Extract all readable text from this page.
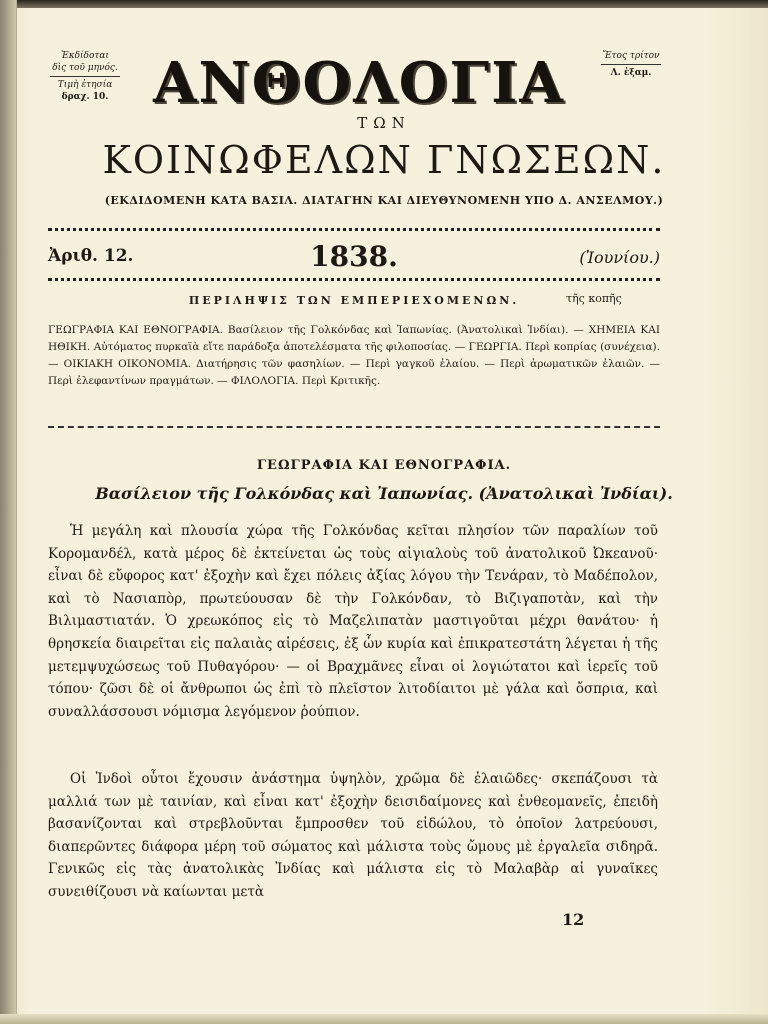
Ἐκδίδοται
δὶς τοῦ μηνός.
Τιμὴ ἐτησία
δραχ. 10.
Ἔτος τρίτον
Λ. ἐξαμ.
ΑΝΘΟΛΟΓΙΑ
ΤΩΝ
ΚΟΙΝΩΦΕΛΩΝ ΓΝΩΣΕΩΝ.
(ΕΚΔΙΔΟΜΕΝΗ ΚΑΤΑ ΒΑΣΙΛ. ΔΙΑΤΑΓΗΝ ΚΑΙ ΔΙΕΥΘΥΝΟΜΕΝΗ ΥΠΟ Δ. ΑΝΣΕΛΜΟΥ.)
Ἀριθ. 12.	1838.	(Ἰουνίου.)
ΠΕΡΙΛΗΨΙΣ ΤΩΝ ΕΜΠΕΡΙΕΧΟΜΕΝΩΝ.	τῆς κοπῆς
ΓΕΩΓΡΑΦΙΑ ΚΑΙ ΕΘΝΟΓΡΑΦΙΑ. Βασίλειον τῆς Γολκόνδας καὶ Ἰαπωνίας. (Ἀνατολικαὶ Ἰνδίαι). — ΧΗΜΕΙΑ ΚΑΙ ΗΘΙΚΗ. Αὐτόματος πυρκαϊὰ εἴτε παράδοξα ἀποτελέσματα τῆς φιλοποσίας. — ΓΕΩΡΓΙΑ. Περὶ κοπρίας (συνέχεια). — ΟΙΚΙΑΚΗ ΟΙΚΟΝΟΜΙΑ. Διατήρησις τῶν φασηλίων. — Περὶ γαγκοῦ ἐλαίου. — Περὶ ἀρωματικῶν ἐλαιῶν. — Περὶ ἐλεφαντίνων πραγμάτων. — ΦΙΛΟΛΟΓΙΑ. Περὶ Κριτικῆς.
ΓΕΩΓΡΑΦΙΑ ΚΑΙ ΕΘΝΟΓΡΑΦΙΑ.
Βασίλειον τῆς Γολκόνδας καὶ Ἰαπωνίας. (Ἀνατολικαὶ Ἰνδίαι).
Ἡ μεγάλη καὶ πλουσία χώρα τῆς Γολκόνδας κεῖται πλησίον τῶν παραλίων τοῦ Κορομανδέλ, κατὰ μέρος δὲ ἐκτείνεται ὡς τοὺς αἰγιαλοὺς τοῦ ἀνατολικοῦ Ὠκεανοῦ· εἶναι δὲ εὔφορος κατ' ἐξοχὴν καὶ ἔχει πόλεις ἀξίας λόγου τὴν Τενάραν, τὸ Μαδέπολον, καὶ τὸ Νασιαπὸρ, πρωτεύουσαν δὲ τὴν Γολκόνδαν, τὸ Βιζιγαποτὰν, καὶ τὴν Βιλιμαστιατάν. Ὁ χρεωκόπος εἰς τὸ Μαζελιπατὰν μαστιγοῦται μέχρι θανάτου· ἡ θρησκεία διαιρεῖται εἰς παλαιὰς αἱρέσεις, ἐξ ὧν κυρία καὶ ἐπικρατεστάτη λέγεται ἡ τῆς μετεμψυχώσεως τοῦ Πυθαγόρου· — οἱ Βραχμᾶνες εἶναι οἱ λογιώτατοι καὶ ἱερεῖς τοῦ τόπου· ζῶσι δὲ οἱ ἄνθρωποι ὡς ἐπὶ τὸ πλεῖστον λιτοδίαιτοι μὲ γάλα καὶ ὄσπρια, καὶ συναλλάσσουσι νόμισμα λεγόμενον ῥούπιον.
Οἱ Ἰνδοὶ οὗτοι ἔχουσιν ἀνάστημα ὑψηλὸν, χρῶμα δὲ ἐλαιῶδες· σκεπάζουσι τὰ μαλλιά των μὲ ταινίαν, καὶ εἶναι κατ' ἐξοχὴν δεισιδαίμονες καὶ ἐνθεομανεῖς, ἐπειδὴ βασανίζονται καὶ στρεβλοῦνται ἔμπροσθεν τοῦ εἰδώλου, τὸ ὁποῖον λατρεύουσι, διαπερῶντες διάφορα μέρη τοῦ σώματος καὶ μάλιστα τοὺς ὤμους μὲ ἐργαλεῖα σιδηρᾶ. Γενικῶς εἰς τὰς ἀνατολικὰς Ἰνδίας καὶ μάλιστα εἰς τὸ Μαλαβὰρ αἱ γυναῖκες συνειθίζουσι νὰ καίωνται μετὰ
12
